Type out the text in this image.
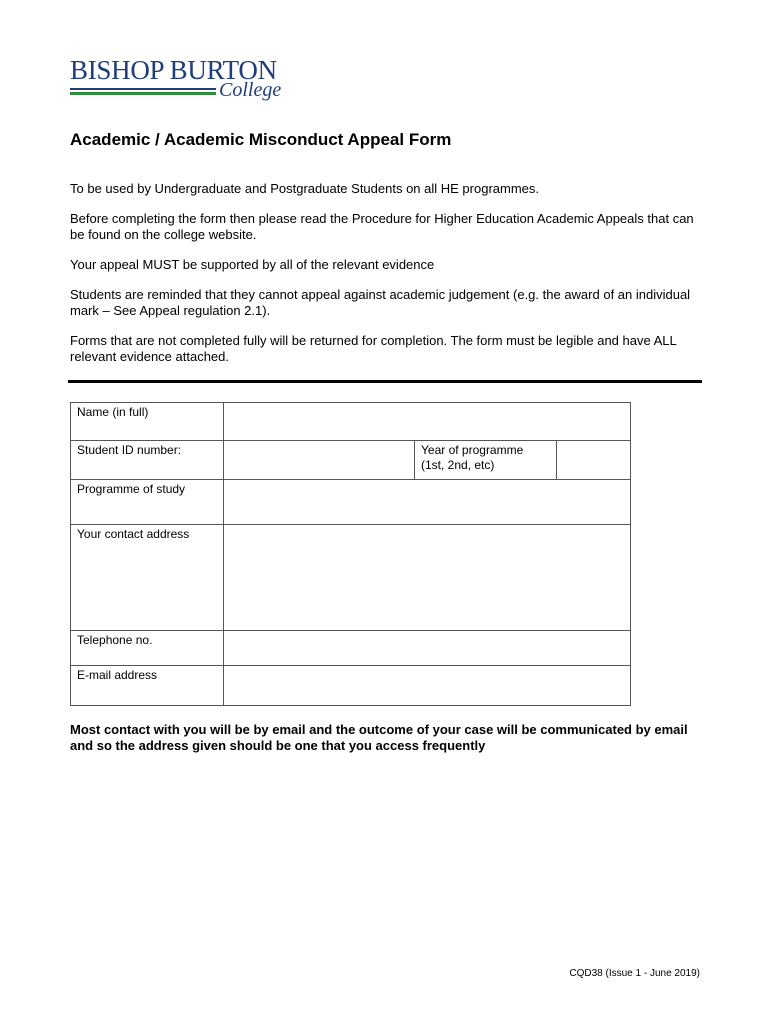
BISHOP BURTON
College
Academic / Academic Misconduct Appeal Form

To be used by Undergraduate and Postgraduate Students on all HE programmes.

Before completing the form then please read the Procedure for Higher Education Academic Appeals that can be found on the college website.

Your appeal MUST be supported by all of the relevant evidence

Students are reminded that they cannot appeal against academic judgement (e.g. the award of an individual mark – See Appeal regulation 2.1).

Forms that are not completed fully will be returned for completion. The form must be legible and have ALL relevant evidence attached.

Name (in full)			
Student ID number:		Year of programme
(1st, 2nd, etc)	

Programme of study			
Your contact address			
Telephone no.			
E-mail address			
Most contact with you will be by email and the outcome of your case will be communicated by email and so the address given should be one that you access frequently
CQD38 (Issue 1 - June 2019)
